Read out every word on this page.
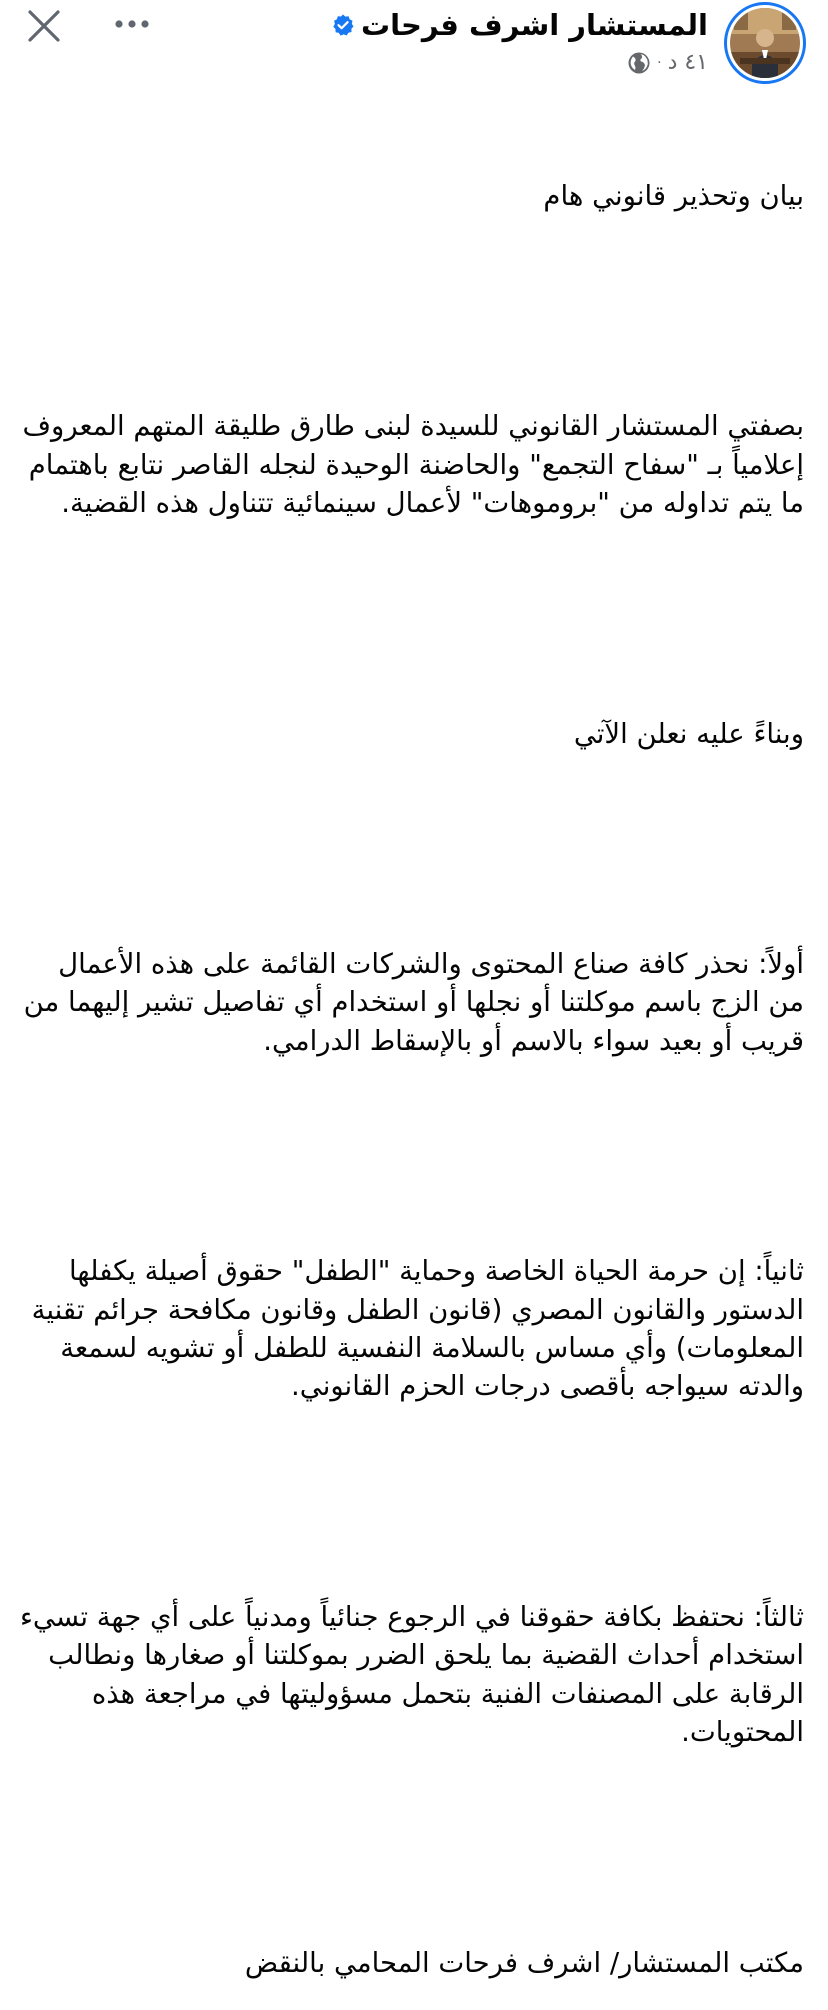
المستشار اشرف فرحات
٤١ د
·

بيان وتحذير قانوني هام

بصفتي المستشار القانوني للسيدة لبنى طارق طليقة المتهم المعروف إعلامياً بـ "سفاح التجمع" والحاضنة الوحيدة لنجله القاصر نتابع باهتمام ما يتم تداوله من "بروموهات" لأعمال سينمائية تتناول هذه القضية.

وبناءً عليه نعلن الآتي

أولاً: نحذر كافة صناع المحتوى والشركات القائمة على هذه الأعمال من الزج باسم موكلتنا أو نجلها أو استخدام أي تفاصيل تشير إليهما من قريب أو بعيد سواء بالاسم أو بالإسقاط الدرامي.

ثانياً: إن حرمة الحياة الخاصة وحماية "الطفل" حقوق أصيلة يكفلها الدستور والقانون المصري (قانون الطفل وقانون مكافحة جرائم تقنية المعلومات) وأي مساس بالسلامة النفسية للطفل أو تشويه لسمعة والدته سيواجه بأقصى درجات الحزم القانوني.

ثالثاً: نحتفظ بكافة حقوقنا في الرجوع جنائياً ومدنياً على أي جهة تسيء استخدام أحداث القضية بما يلحق الضرر بموكلتنا أو صغارها ونطالب الرقابة على المصنفات الفنية بتحمل مسؤوليتها في مراجعة هذه المحتويات.

مكتب المستشار/ اشرف فرحات المحامي بالنقض
